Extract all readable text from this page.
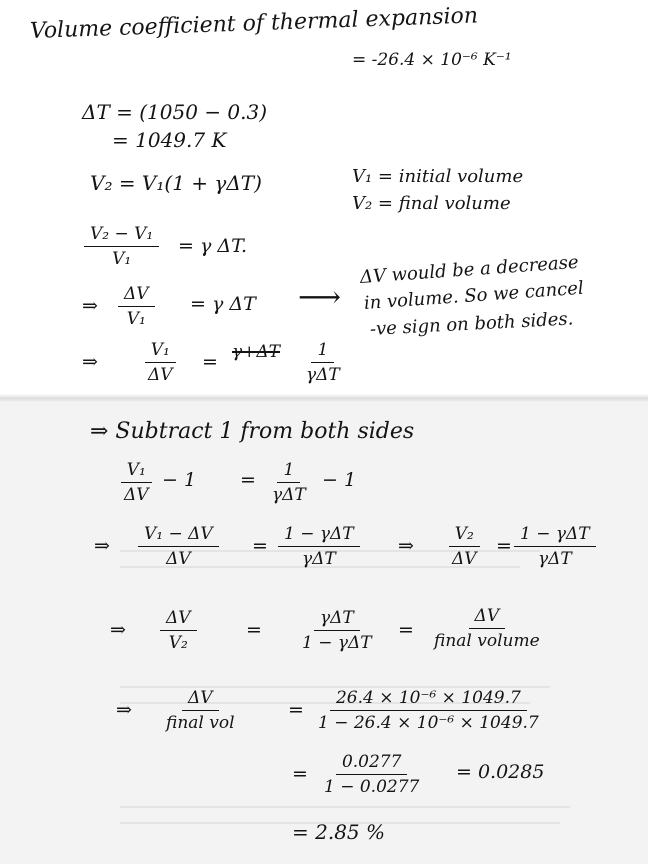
Volume coefficient of thermal expansion
= -26.4 × 10⁻⁶ K⁻¹
ΔT = (1050 − 0.3)
= 1049.7 K
V₂ = V₁(1 + γΔT)	V₁ = initial volume
V₂ = final volume
$\frac{\text{V₂ − V₁}}{\text{V₁}} = \gamma$ ΔT.
⇒ $\frac{\Delta V}{\text{V₁}} = \gamma$ ΔT ⟶
ΔV would be a decrease
in volume. So we cancel
-ve sign on both sides.
⇒	$\frac{\text{V₁}}{\Delta V} = \gamma+\Delta T$	1
γΔT
⇒ Subtract 1 from both sides
$\frac{\text{V₁}}{\Delta V} - 1$ =	1
γΔT
− 1
⇒ $\frac{\text{V₁ − ΔV}}{\Delta V}$ =
1 − γΔT
γΔT
⇒ $\frac{\text{V₂}}{\Delta V}$ =
1 − γΔT
γΔT
⇒ $\frac{\Delta V}{\text{V₂}}$	=
γΔT
1 − γΔT
=
ΔV
final volume
⇒
ΔV
final vol
= $\frac{\text{26.4 × 10⁻⁶ × 1049.7}}{\text{1 − 26.4 × 10⁻⁶ × 1049.7}}$
= $\frac{0.0277}{1 - 0.0277} = 0.0285$
= 2.85 %
